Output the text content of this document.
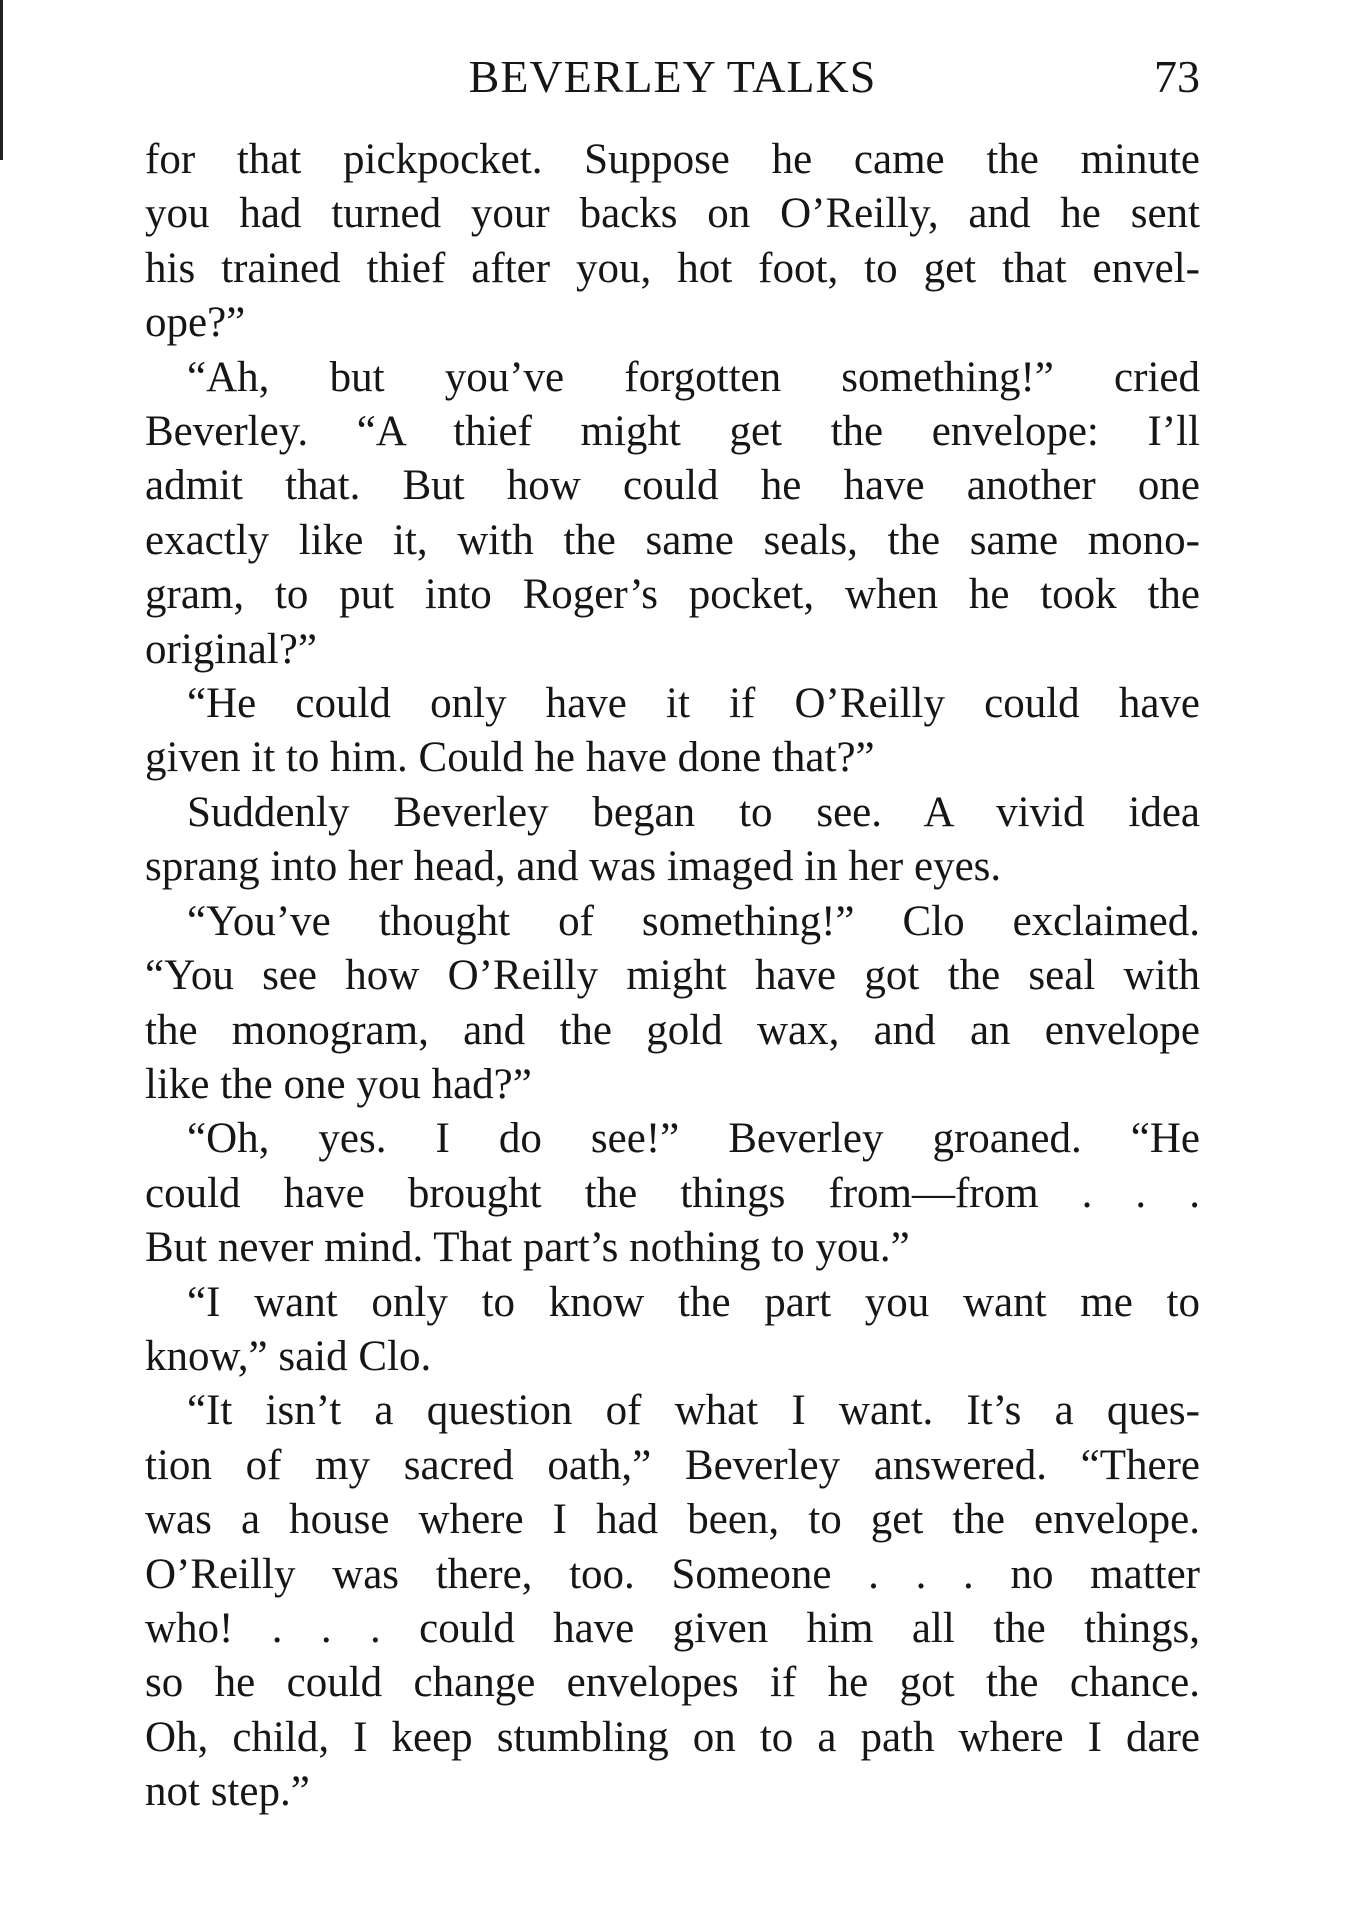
BEVERLEY TALKS	73

for that pickpocket. Suppose he came the minute
you had turned your backs on O’Reilly, and he sent
his trained thief after you, hot foot, to get that envel-
ope?”

“Ah, but you’ve forgotten something!” cried
Beverley. “A thief might get the envelope: I’ll
admit that. But how could he have another one
exactly like it, with the same seals, the same mono-
gram, to put into Roger’s pocket, when he took the
original?”

“He could only have it if O’Reilly could have
given it to him. Could he have done that?”

Suddenly Beverley began to see. A vivid idea
sprang into her head, and was imaged in her eyes.

“You’ve thought of something!” Clo exclaimed.
“You see how O’Reilly might have got the seal with
the monogram, and the gold wax, and an envelope
like the one you had?”

“Oh, yes. I do see!” Beverley groaned. “He
could have brought the things from—from . . .
But never mind. That part’s nothing to you.”

“I want only to know the part you want me to
know,” said Clo.

“It isn’t a question of what I want. It’s a ques-
tion of my sacred oath,” Beverley answered. “There
was a house where I had been, to get the envelope.
O’Reilly was there, too. Someone . . . no matter
who! . . . could have given him all the things,
so he could change envelopes if he got the chance.
Oh, child, I keep stumbling on to a path where I dare
not step.”
